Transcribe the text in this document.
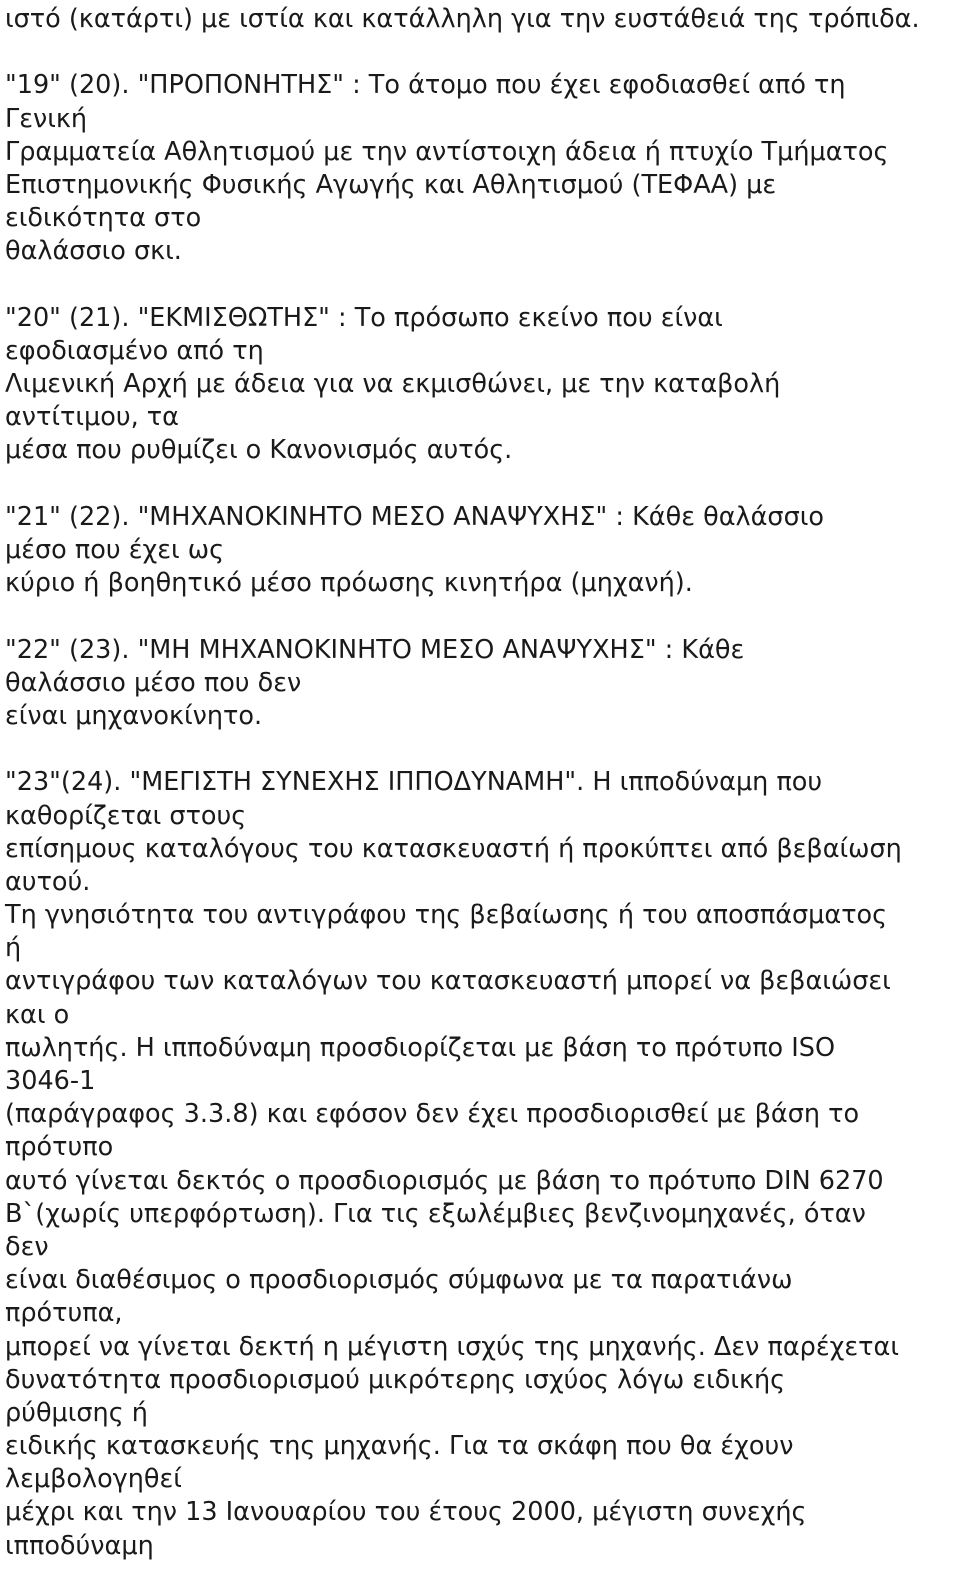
ιστό (κατάρτι) με ιστία και κατάλληλη για την ευστάθειά της τρόπιδα.
"19" (20). "ΠΡΟΠΟΝΗΤΗΣ" : Το άτομο που έχει εφοδιασθεί από τη
Γενική
Γραμματεία Αθλητισμού με την αντίστοιχη άδεια ή πτυχίο Τμήματος
Επιστημονικής Φυσικής Αγωγής και Αθλητισμού (ΤΕΦΑΑ) με
ειδικότητα στο
θαλάσσιο σκι.
"20" (21). "ΕΚΜΙΣΘΩΤΗΣ" : Το πρόσωπο εκείνο που είναι
εφοδιασμένο από τη
Λιμενική Αρχή με άδεια για να εκμισθώνει, με την καταβολή
αντίτιμου, τα
μέσα που ρυθμίζει ο Κανονισμός αυτός.
"21" (22). "ΜΗΧΑΝΟΚΙΝΗΤΟ ΜΕΣΟ ΑΝΑΨΥΧΗΣ" : Κάθε θαλάσσιο
μέσο που έχει ως
κύριο ή βοηθητικό μέσο πρόωσης κινητήρα (μηχανή).
"22" (23). "ΜΗ ΜΗΧΑΝΟΚΙΝΗΤΟ ΜΕΣΟ ΑΝΑΨΥΧΗΣ" : Κάθε
θαλάσσιο μέσο που δεν
είναι μηχανοκίνητο.
"23"(24). "ΜΕΓΙΣΤΗ ΣΥΝΕΧΗΣ ΙΠΠΟΔΥΝΑΜΗ". Η ιπποδύναμη που
καθορίζεται στους
επίσημους καταλόγους του κατασκευαστή ή προκύπτει από βεβαίωση
αυτού.
Τη γνησιότητα του αντιγράφου της βεβαίωσης ή του αποσπάσματος
ή
αντιγράφου των καταλόγων του κατασκευαστή μπορεί να βεβαιώσει
και ο
πωλητής. Η ιπποδύναμη προσδιορίζεται με βάση το πρότυπο ISO
3046-1
(παράγραφος 3.3.8) και εφόσον δεν έχει προσδιορισθεί με βάση το
πρότυπο
αυτό γίνεται δεκτός ο προσδιορισμός με βάση το πρότυπο DIN 6270
B`(χωρίς υπερφόρτωση). Για τις εξωλέμβιες βενζινομηχανές, όταν
δεν
είναι διαθέσιμος ο προσδιορισμός σύμφωνα με τα παρατιάνω
πρότυπα,
μπορεί να γίνεται δεκτή η μέγιστη ισχύς της μηχανής. Δεν παρέχεται
δυνατότητα προσδιορισμού μικρότερης ισχύος λόγω ειδικής
ρύθμισης ή
ειδικής κατασκευής της μηχανής. Για τα σκάφη που θα έχουν
λεμβολογηθεί
μέχρι και την 13 Ιανουαρίου του έτους 2000, μέγιστη συνεχής
ιπποδύναμη
